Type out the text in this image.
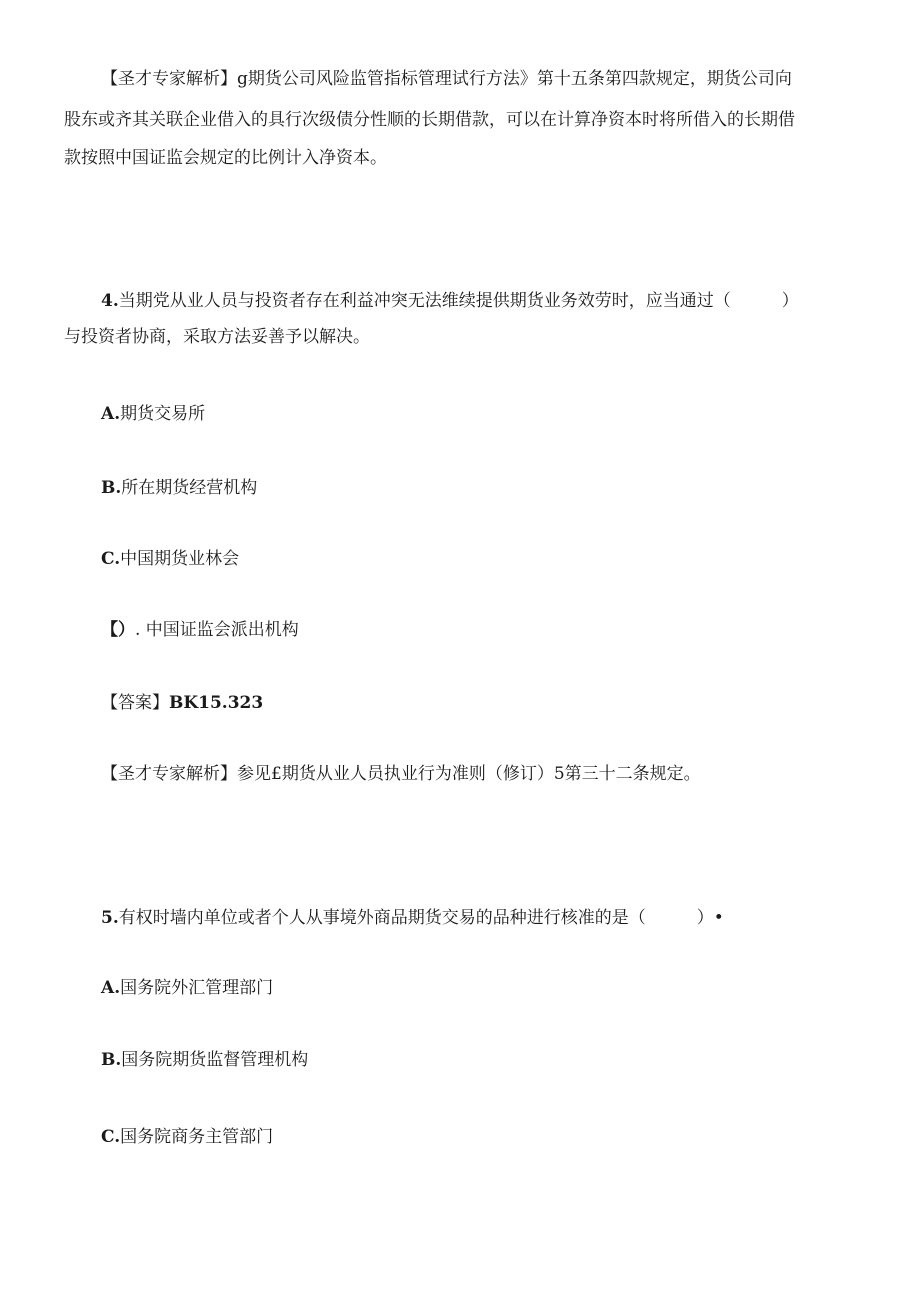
【圣才专家解析】g期货公司风险监管指标管理试行方法》第十五条第四款规定，期货公司向
股东或齐其关联企业借入的具行次级债分性顺的长期借款，可以在计算净资本时将所借入的长期借
款按照中国证监会规定的比例计入净资本。
4.当期党从业人员与投资者存在利益冲突无法维续提供期货业务效劳时，应当通过（　　　）
与投资者协商，采取方法妥善予以解决。
A.期货交易所
B.所在期货经营机构
C.中国期货业林会
【）. 中国证监会派出机构
【答案】BK15.323
【圣才专家解析】参见£期货从业人员执业行为准则（修订）5第三十二条规定。
5.有权时墙内单位或者个人从事境外商品期货交易的品种进行核准的是（　　　）•
A.国务院外汇管理部门
B.国务院期货监督管理机构
C.国务院商务主管部门
